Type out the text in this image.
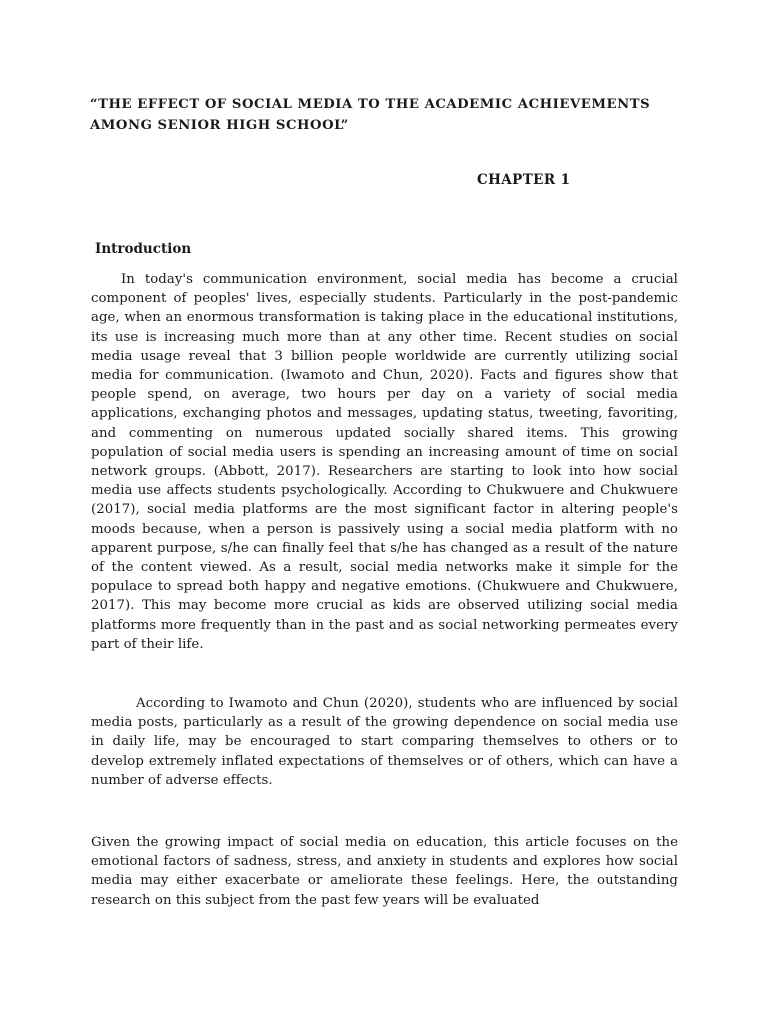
“THE EFFECT OF SOCIAL MEDIA TO THE ACADEMIC ACHIEVEMENTS AMONG SENIOR HIGH SCHOOL”

CHAPTER 1

Introduction

In today's communication environment, social media has become a crucial component of peoples' lives, especially students. Particularly in the post-pandemic age, when an enormous transformation is taking place in the educational institutions, its use is increasing much more than at any other time. Recent studies on social media usage reveal that 3 billion people worldwide are currently utilizing social media for communication. (Iwamoto and Chun, 2020). Facts and figures show that people spend, on average, two hours per day on a variety of social media applications, exchanging photos and messages, updating status, tweeting, favoriting, and commenting on numerous updated socially shared items. This growing population of social media users is spending an increasing amount of time on social network groups. (Abbott, 2017). Researchers are starting to look into how social media use affects students psychologically. According to Chukwuere and Chukwuere (2017), social media platforms are the most significant factor in altering people's moods because, when a person is passively using a social media platform with no apparent purpose, s/he can finally feel that s/he has changed as a result of the nature of the content viewed. As a result, social media networks make it simple for the populace to spread both happy and negative emotions. (Chukwuere and Chukwuere, 2017). This may become more crucial as kids are observed utilizing social media platforms more frequently than in the past and as social networking permeates every part of their life.

According to Iwamoto and Chun (2020), students who are influenced by social media posts, particularly as a result of the growing dependence on social media use in daily life, may be encouraged to start comparing themselves to others or to develop extremely inflated expectations of themselves or of others, which can have a number of adverse effects.

Given the growing impact of social media on education, this article focuses on the emotional factors of sadness, stress, and anxiety in students and explores how social media may either exacerbate or ameliorate these feelings. Here, the outstanding research on this subject from the past few years will be evaluated
